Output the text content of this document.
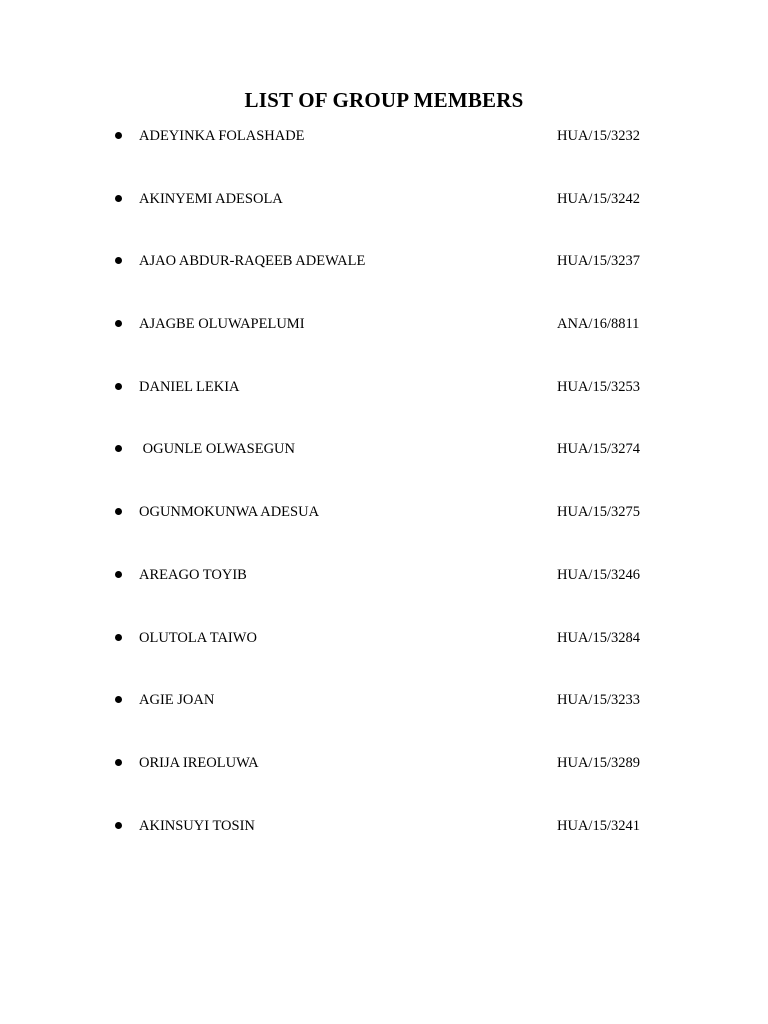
LIST OF GROUP MEMBERS
ADEYINKA FOLASHADE	HUA/15/3232
AKINYEMI ADESOLA	HUA/15/3242
AJAO ABDUR-RAQEEB ADEWALE	HUA/15/3237
AJAGBE OLUWAPELUMI	ANA/16/8811
DANIEL LEKIA	HUA/15/3253
OGUNLE OLWASEGUN	HUA/15/3274
OGUNMOKUNWA ADESUA	HUA/15/3275
AREAGO TOYIB	HUA/15/3246
OLUTOLA TAIWO	HUA/15/3284
AGIE JOAN	HUA/15/3233
ORIJA IREOLUWA	HUA/15/3289
AKINSUYI TOSIN	HUA/15/3241
